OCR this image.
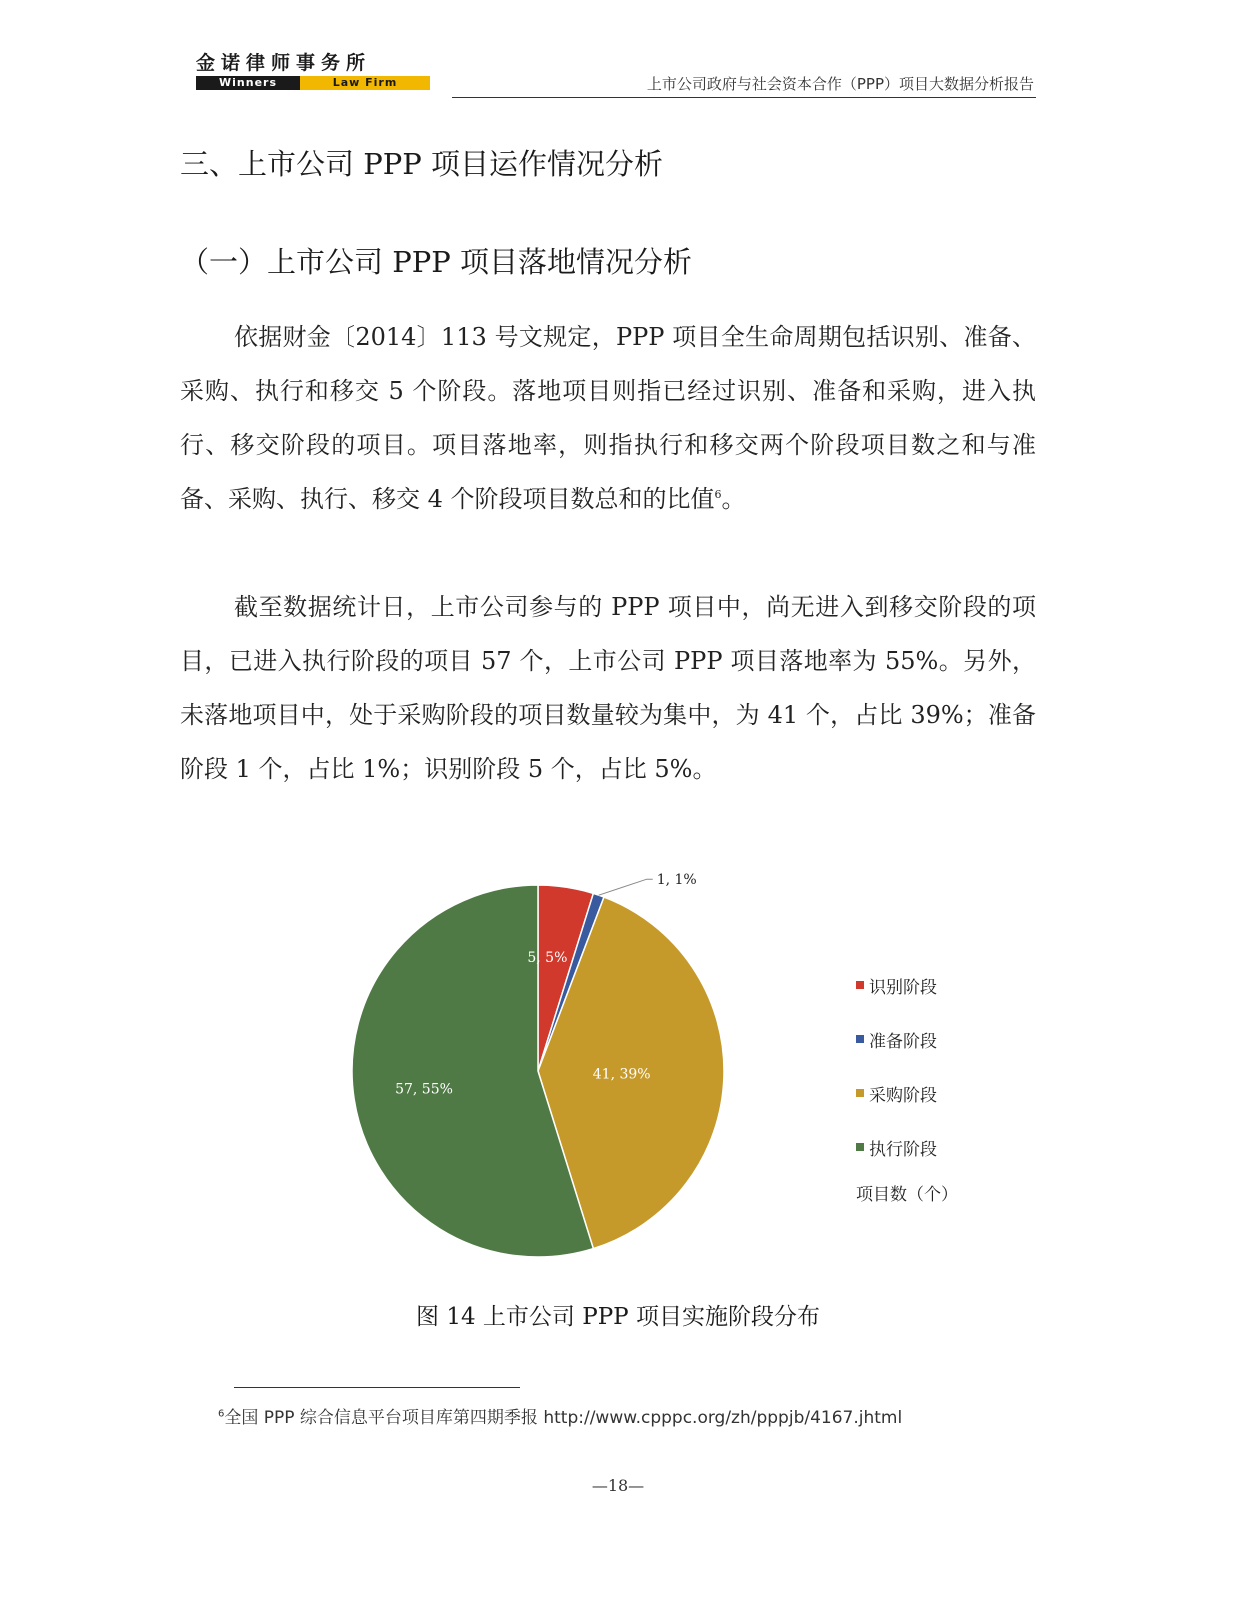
金诺律师事务所
Winners	Law Firm	上市公司政府与社会资本合作（PPP）项目大数据分析报告
三、上市公司 PPP 项目运作情况分析
（一）上市公司 PPP 项目落地情况分析

依据财金〔2014〕113 号文规定，PPP 项目全生命周期包括识别、准备、采购、执行和移交 5 个阶段。落地项目则指已经过识别、准备和采购，进入执行、移交阶段的项目。项目落地率，则指执行和移交两个阶段项目数之和与准备、采购、执行、移交 4 个阶段项目数总和的比值$^6$。

截至数据统计日，上市公司参与的 PPP 项目中，尚无进入到移交阶段的项目，已进入执行阶段的项目 57 个，上市公司 PPP 项目落地率为 55%。另外，未落地项目中，处于采购阶段的项目数量较为集中，为 41 个，占比 39%；准备阶段 1 个，占比 1%；识别阶段 5 个，占比 5%。

5, 5%
1, 1%
41, 39%
57, 55%
识别阶段
准备阶段
采购阶段
执行阶段
项目数（个）
图 14 上市公司 PPP 项目实施阶段分布
$^6$全国 PPP 综合信息平台项目库第四期季报 http://www.cpppc.org/zh/pppjb/4167.jhtml
—18—
